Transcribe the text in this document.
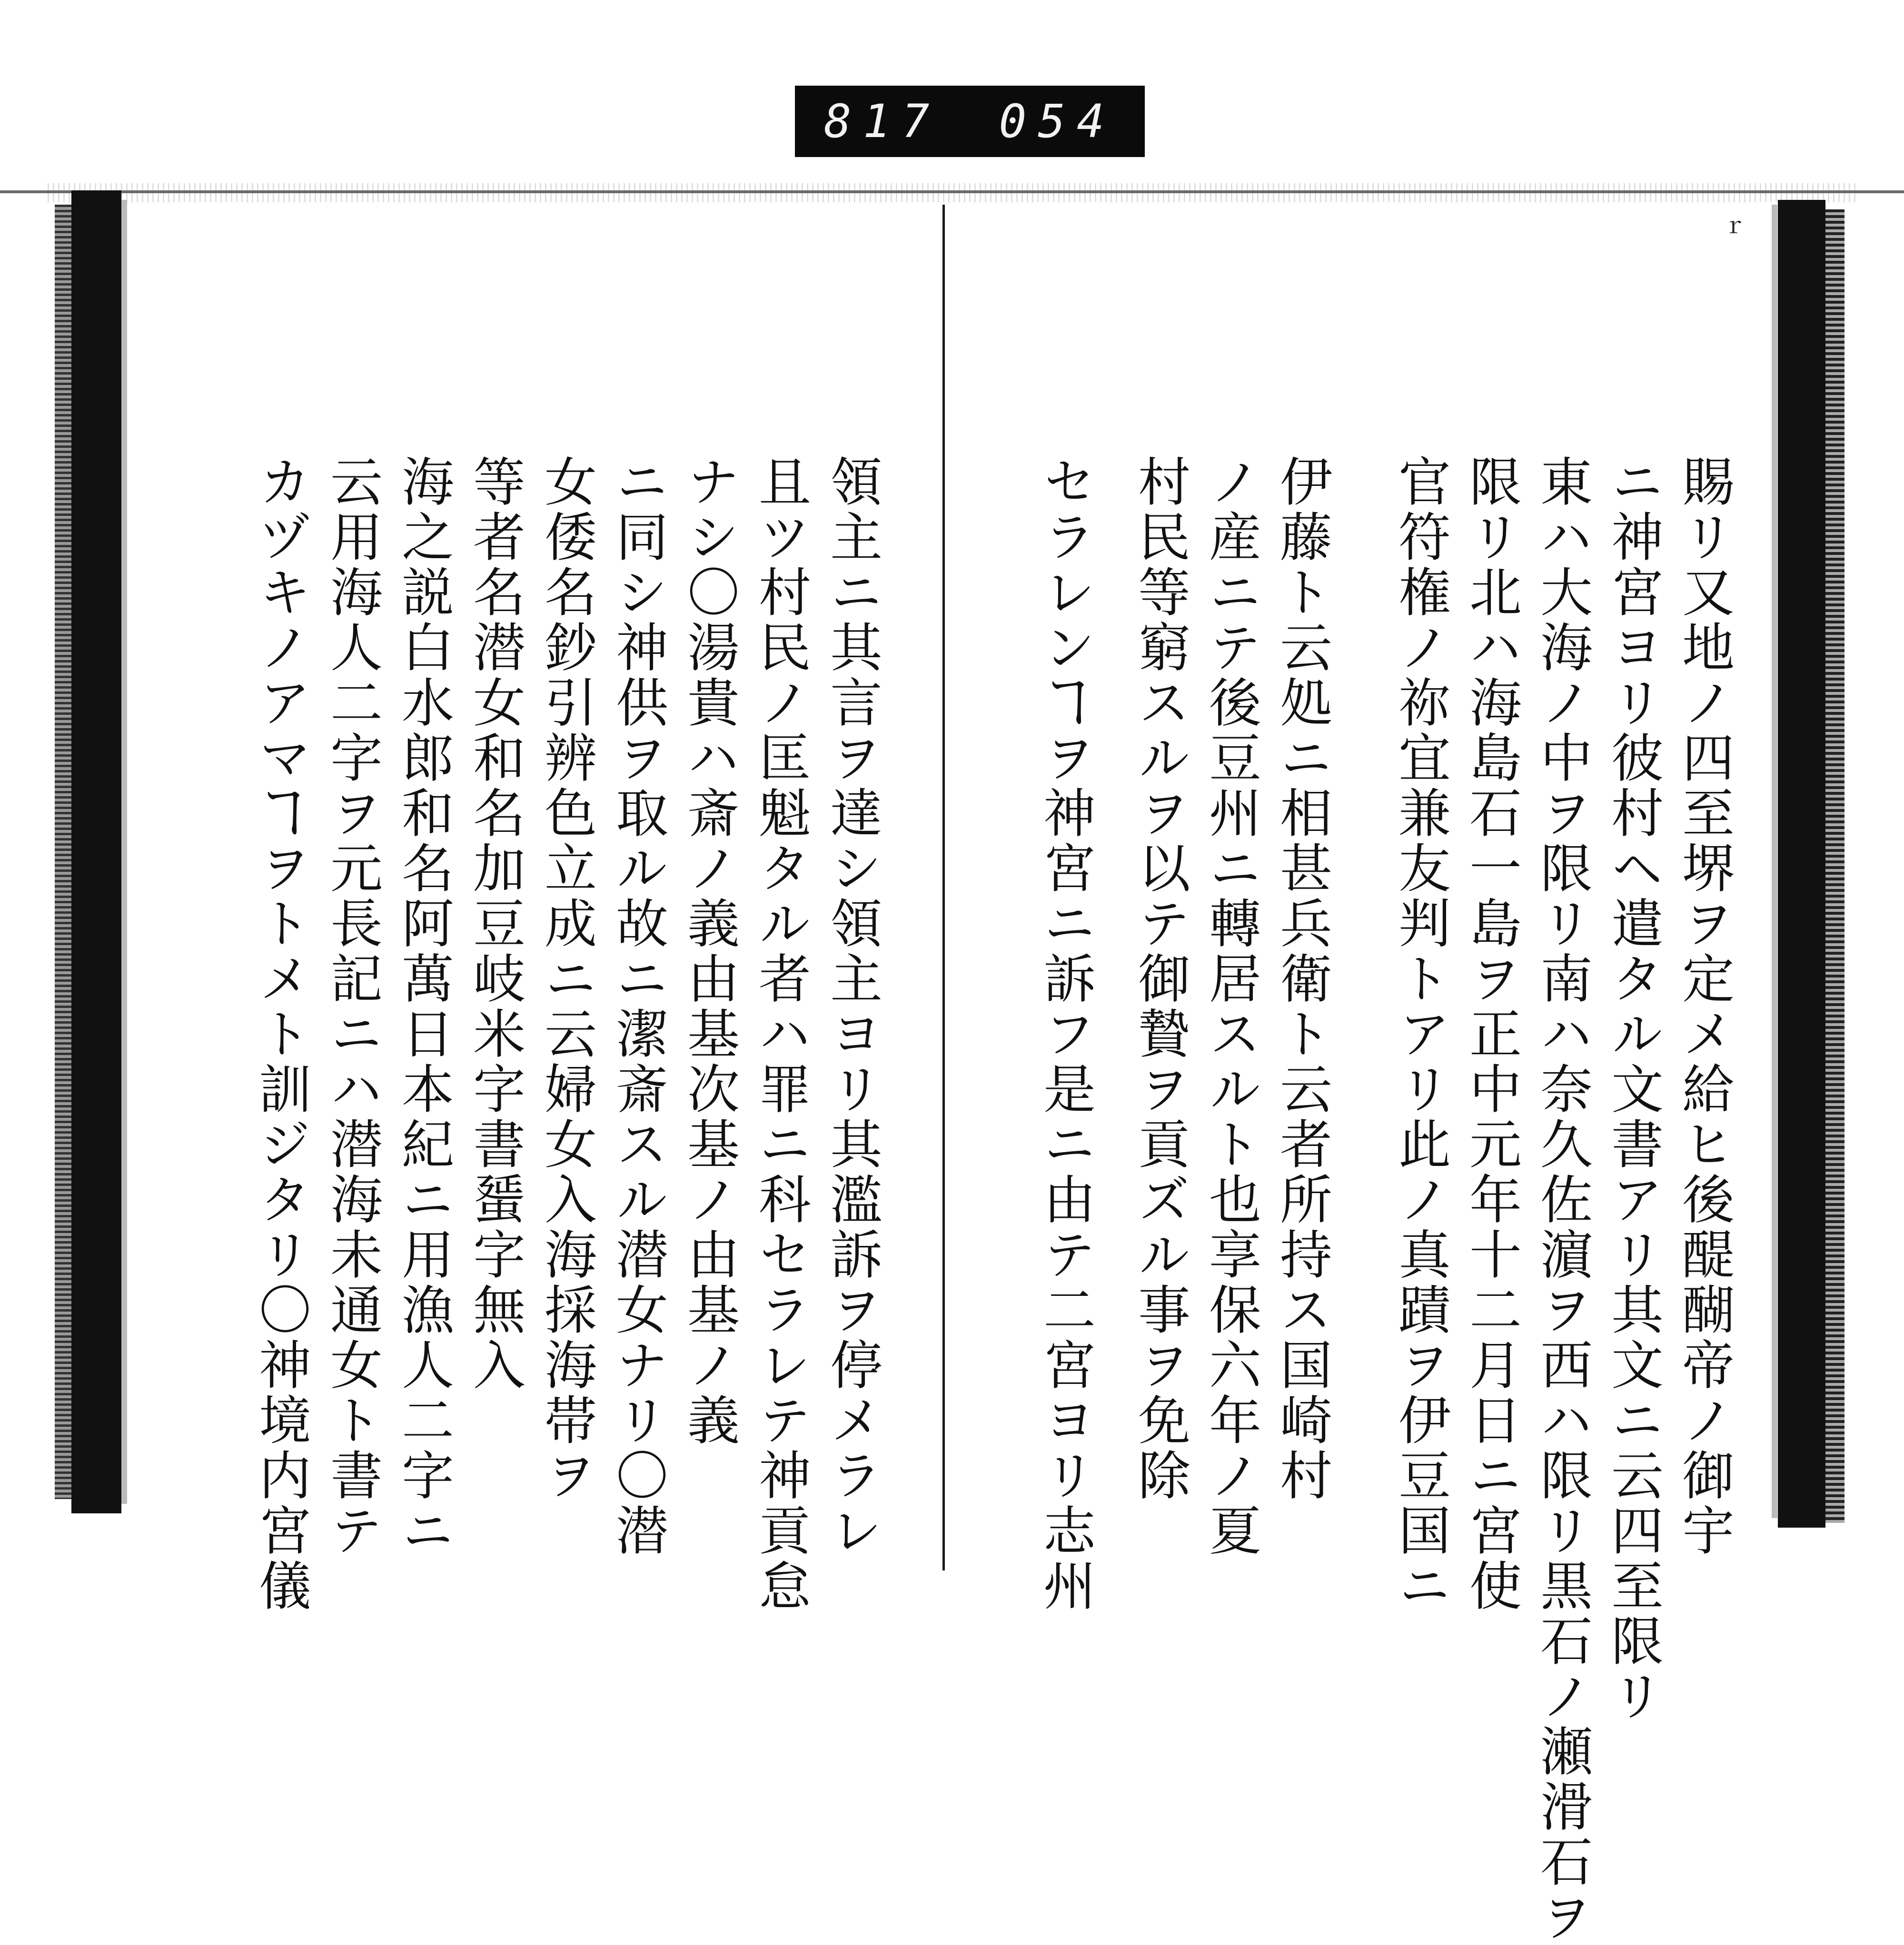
817 054
ｒ
賜リ又地ノ四至堺ヲ定メ給ヒ後醍醐帝ノ御宇
ニ神宮ヨリ彼村ヘ遣タル文書アリ其文ニ云四至限リ
東ハ大海ノ中ヲ限リ南ハ奈久佐濵ヲ西ハ限リ黒石ノ瀬滑石ヲ
限リ北ハ海島石一島ヲ正中元年十二月日ニ宮使
官符権ノ祢宜兼友判トアリ此ノ真蹟ヲ伊豆国ニ
伊藤ト云処ニ相甚兵衛ト云者所持ス国崎村
ノ産ニテ後豆州ニ轉居スルト也享保六年ノ夏
村民等窮スルヲ以テ御贄ヲ貢ズル事ヲ免除
セラレンヿヲ神宮ニ訴フ是ニ由テ二宮ヨリ志州
領主ニ其言ヲ達シ領主ヨリ其濫訴ヲ停メラレ
且ツ村民ノ匡魁タル者ハ罪ニ科セラレテ神貢怠
ナシ〇湯貴ハ斎ノ義由基次基ノ由基ノ義
ニ同シ神供ヲ取ル故ニ潔斎スル潜女ナリ〇潜
女倭名鈔引辨色立成ニ云婦女入海採海帯ヲ
等者名潜女和名加豆岐米字書蜑字無入
海之説白水郎和名阿萬日本紀ニ用漁人二字ニ
云用海人二字ヲ元長記ニハ潜海未通女ト書テ
カヅキノアマヿヲトメト訓ジタリ〇神境内宮儀
